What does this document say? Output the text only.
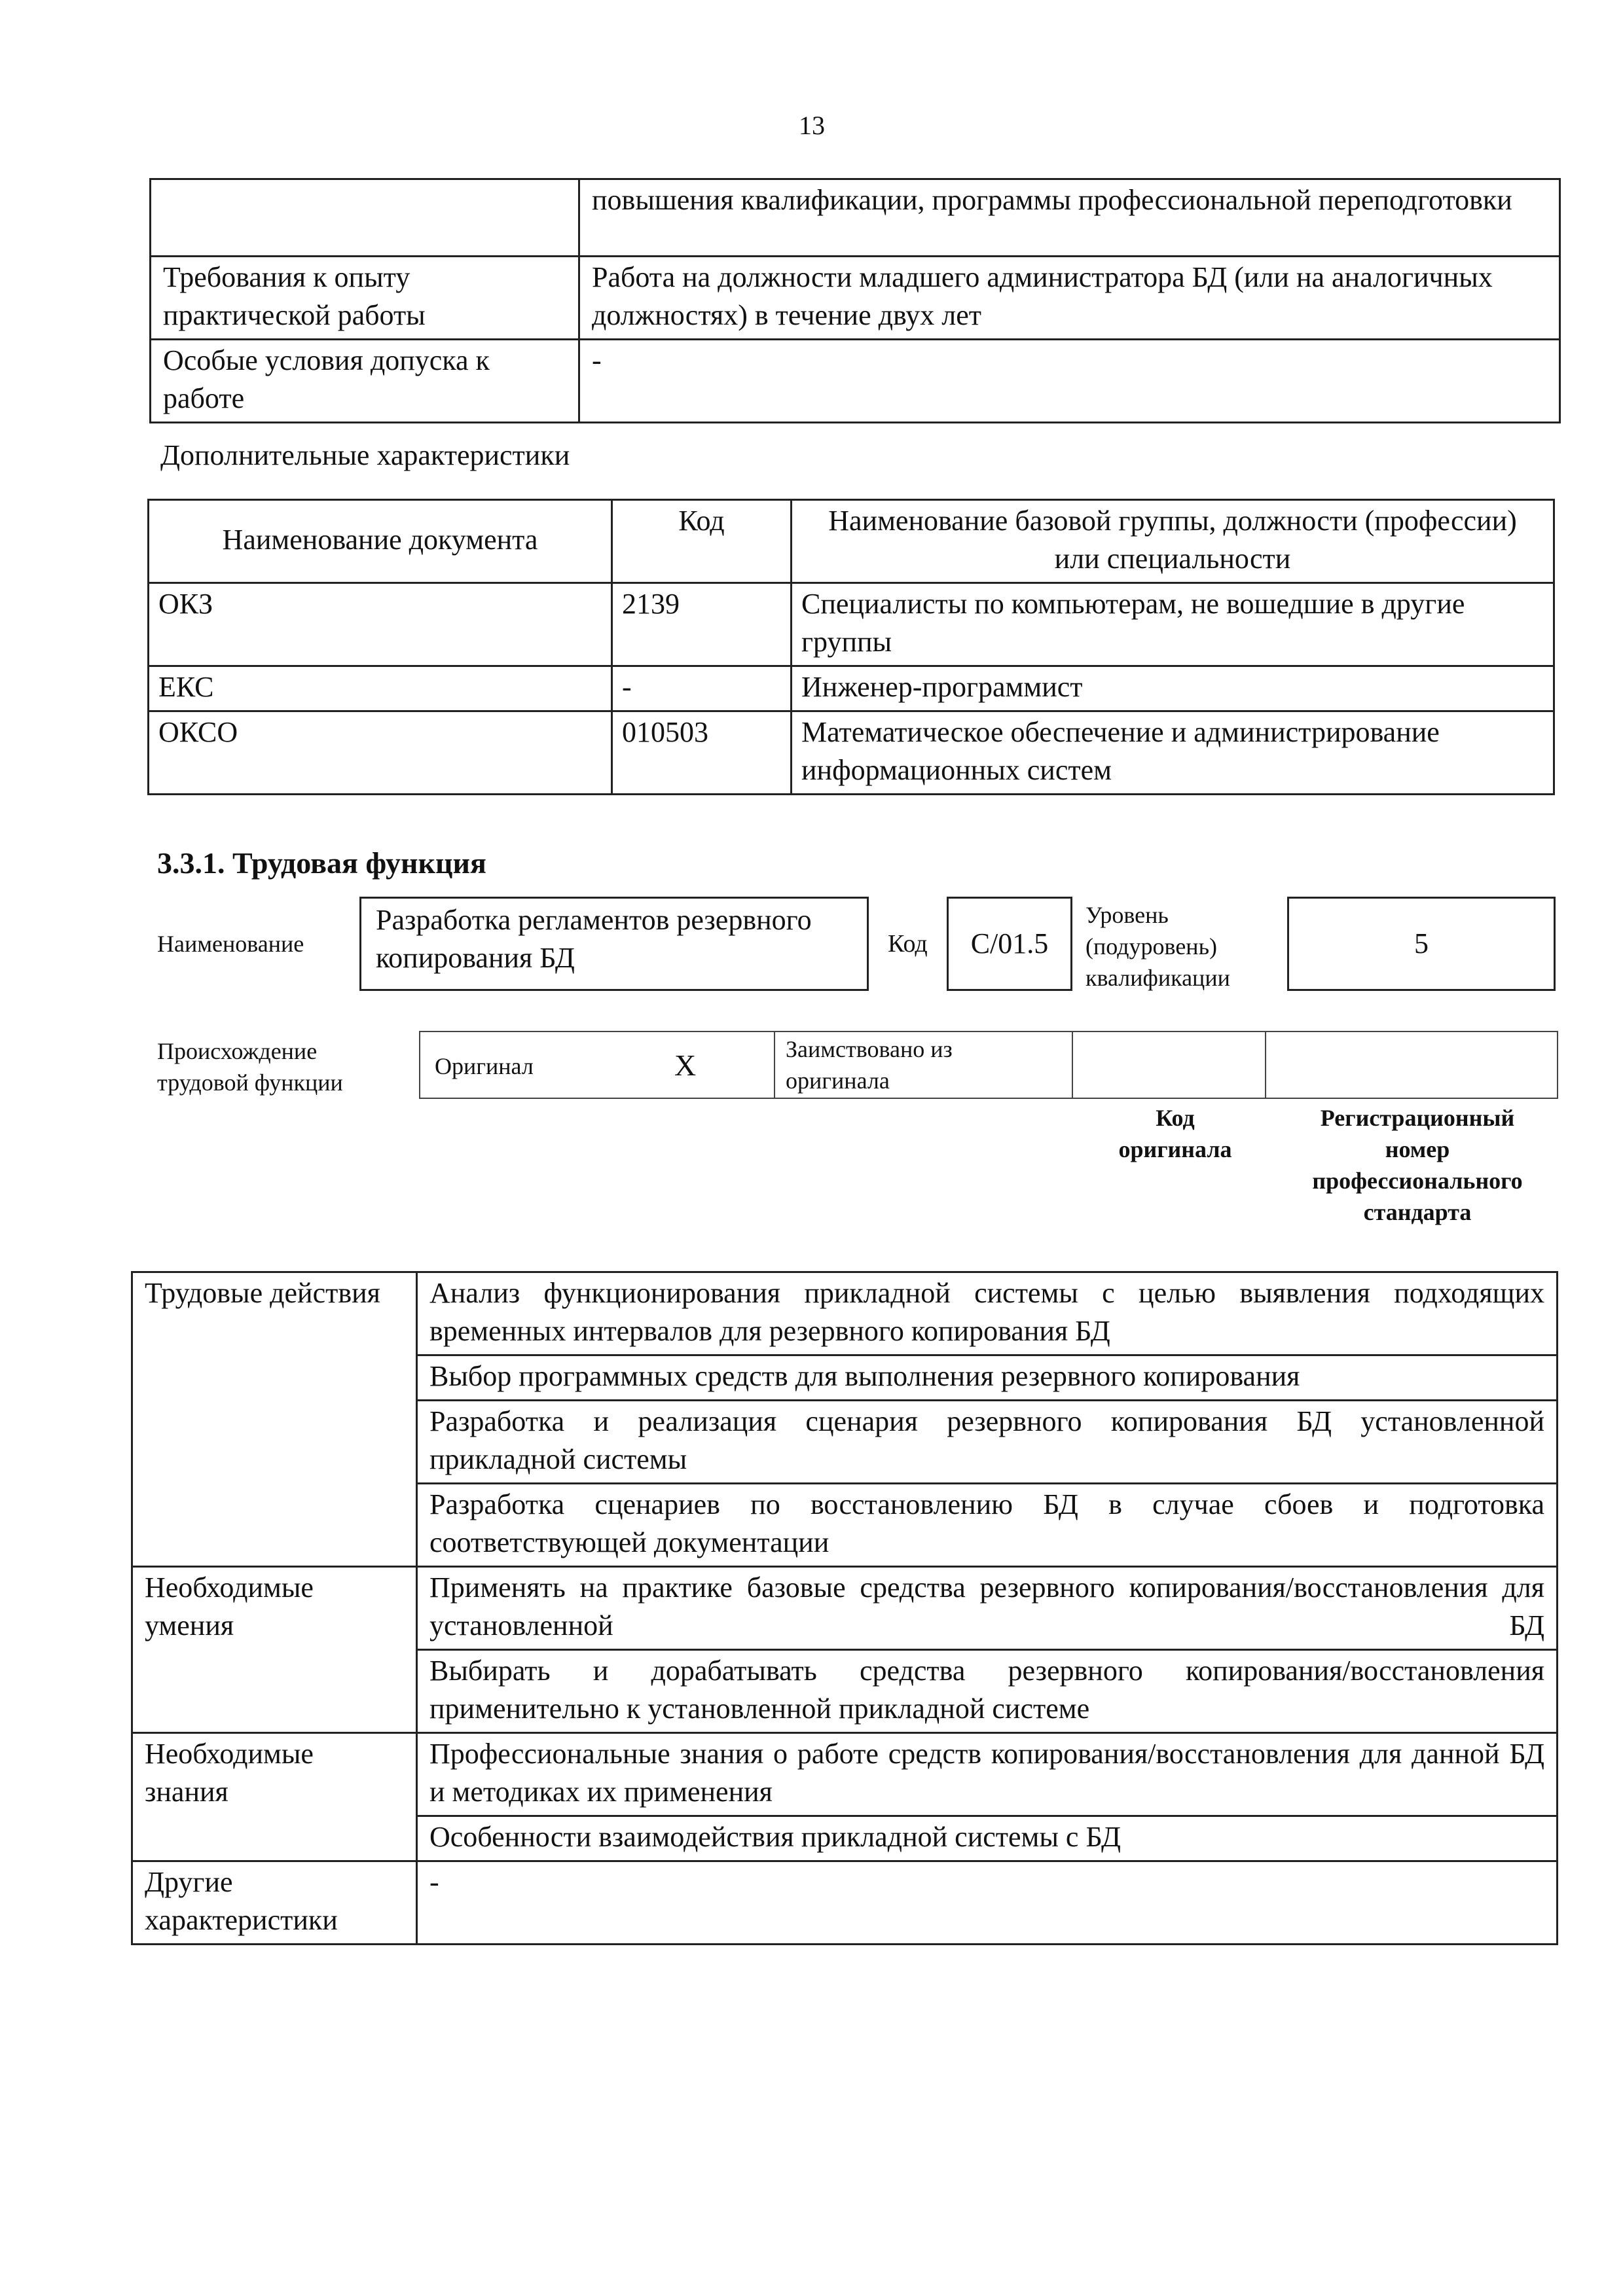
13
	повышения квалификации, программы профессиональной переподготовки
Требования к опыту практической работы	Работа на должности младшего администратора БД (или на аналогичных должностях) в течение двух лет
Особые условия допуска к работе	-
Дополнительные характеристики
Наименование документа	Код	Наименование базовой группы, должности (профессии) или специальности
ОКЗ	2139	Специалисты по компьютерам, не вошедшие в другие группы
ЕКС	-	Инженер-программист
ОКСО	010503	Математическое обеспечение и администрирование информационных систем
3.3.1. Трудовая функция
Наименование
Разработка регламентов резервного копирования БД	Код C/01.5
Уровень (подуровень) квалификации
5
Происхождение трудовой функции
Оригинал	X	Заимствовано из оригинала
Код оригинала
Регистрационный номер профессионального стандарта
Трудовые действия	Анализ функционирования прикладной системы с целью выявления подходящих временных интервалов для резервного копирования БД
	Выбор программных средств для выполнения резервного копирования
	Разработка и реализация сценария резервного копирования БД установленной прикладной системы
	Разработка сценариев по восстановлению БД в случае сбоев и подготовка соответствующей документации
Необходимые умения	Применять на практике базовые средства резервного копирования/восстановления для установленной БД
	Выбирать и дорабатывать средства резервного копирования/восстановления применительно к установленной прикладной системе
Необходимые знания	Профессиональные знания о работе средств копирования/восстановления для данной БД и методиках их применения
	Особенности взаимодействия прикладной системы с БД
Другие характеристики	-
